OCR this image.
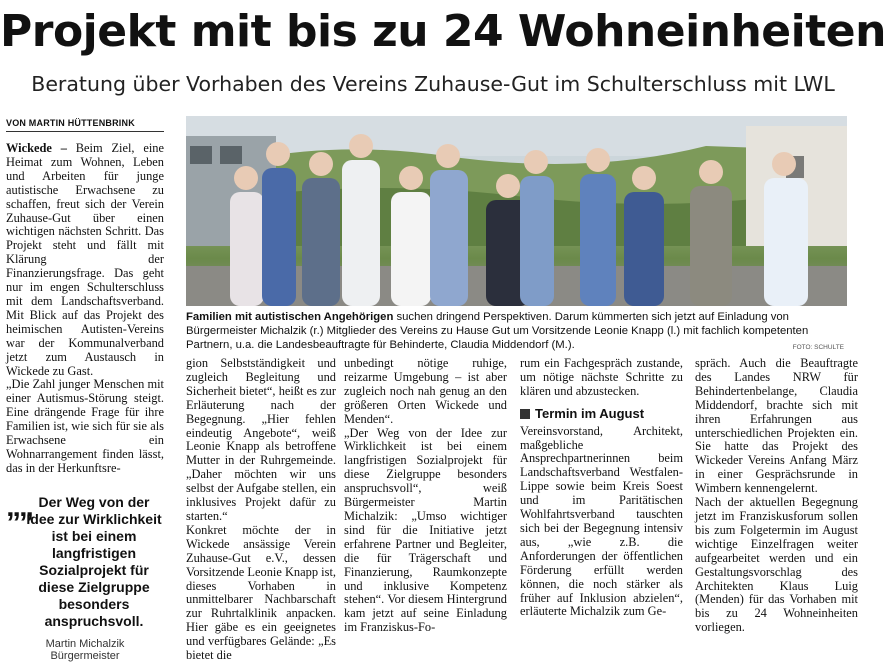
Projekt mit bis zu 24 Wohneinheiten
Beratung über Vorhaben des Vereins Zuhause-Gut im Schulterschluss mit LWL
VON MARTIN HÜTTENBRINK

Wickede – Beim Ziel, eine Heimat zum Wohnen, Leben und Arbeiten für junge autistische Erwachsene zu schaffen, freut sich der Verein Zuhause-Gut über einen wichtigen nächsten Schritt. Das Projekt steht und fällt mit Klärung der Finanzierungsfrage. Das geht nur im engen Schulterschluss mit dem Landschaftsverband. Mit Blick auf das Projekt des heimischen Autisten-Vereins war der Kommunalverband jetzt zum Austausch in Wickede zu Gast.

„Die Zahl junger Menschen mit einer Autismus-Störung steigt. Eine drängende Frage für ihre Familien ist, wie sich für sie als Erwachsene ein Wohnarrangement finden lässt, das in der Herkunftsre-

„„ Der Weg von der Idee zur Wirklichkeit ist bei einem langfristigen Sozialprojekt für diese Zielgruppe besonders anspruchsvoll.
Martin Michalzik
Bürgermeister
Familien mit autistischen Angehörigen suchen dringend Perspektiven. Darum kümmerten sich jetzt auf Einladung von Bürgermeister Michalzik (r.) Mitglieder des Vereins zu Hause Gut um Vorsitzende Leonie Knapp (l.) mit fachlich kompetenten Partnern, u.a. die Landesbeauftragte für Behinderte, Claudia Middendorf (M.).	FOTO: SCHULTE

gion Selbstständigkeit und zugleich Begleitung und Sicherheit bietet“, heißt es zur Erläuterung nach der Begegnung. „Hier fehlen eindeutig Angebote“, weiß Leonie Knapp als betroffene Mutter in der Ruhrgemeinde. „Daher möchten wir uns selbst der Aufgabe stellen, ein inklusives Projekt dafür zu starten.“

Konkret möchte der in Wickede ansässige Verein Zuhause-Gut e.V., dessen Vorsitzende Leonie Knapp ist, dieses Vorhaben in unmittelbarer Nachbarschaft zur Ruhrtalklinik anpacken. Hier gäbe es ein geeignetes und verfügbares Gelände: „Es bietet die

unbedingt nötige ruhige, reizarme Umgebung – ist aber zugleich noch nah genug an den größeren Orten Wickede und Menden“.

„Der Weg von der Idee zur Wirklichkeit ist bei einem langfristigen Sozialprojekt für diese Zielgruppe besonders anspruchsvoll“, weiß Bürgermeister Martin Michalzik: „Umso wichtiger sind für die Initiative jetzt erfahrene Partner und Begleiter, die für Trägerschaft und Finanzierung, Raumkonzepte und inklusive Kompetenz stehen“. Vor diesem Hintergrund kam jetzt auf seine Einladung im Franziskus-Fo-

rum ein Fachgespräch zustande, um nötige nächste Schritte zu klären und abzustecken.

Termin im August

Vereinsvorstand, Architekt, maßgebliche Ansprechpartnerinnen beim Landschaftsverband Westfalen-Lippe sowie beim Kreis Soest und im Paritätischen Wohlfahrtsverband tauschten sich bei der Begegnung intensiv aus, „wie z.B. die Anforderungen der öffentlichen Förderung erfüllt werden können, die noch stärker als früher auf Inklusion abzielen“, erläuterte Michalzik zum Ge-

spräch. Auch die Beauftragte des Landes NRW für Behindertenbelange, Claudia Middendorf, brachte sich mit ihren Erfahrungen aus unterschiedlichen Projekten ein. Sie hatte das Projekt des Wickeder Vereins Anfang März in einer Gesprächsrunde in Wimbern kennengelernt.

Nach der aktuellen Begegnung jetzt im Franziskusforum sollen bis zum Folgetermin im August wichtige Einzelfragen weiter aufgearbeitet werden und ein Gestaltungsvorschlag des Architekten Klaus Luig (Menden) für das Vorhaben mit bis zu 24 Wohneinheiten vorliegen.
